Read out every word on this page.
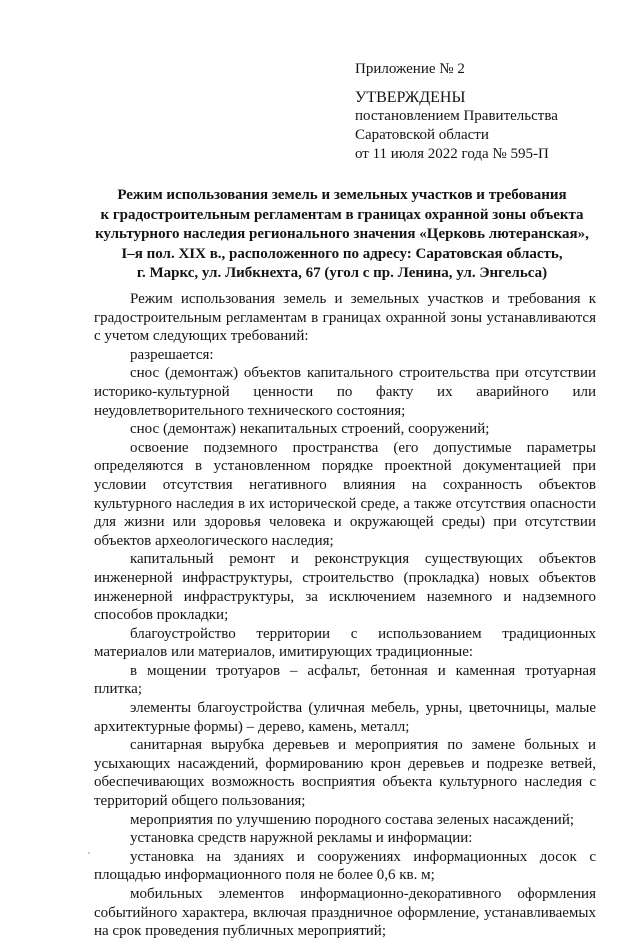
Приложение № 2
УТВЕРЖДЕНЫ
постановлением Правительства
Саратовской области
от 11 июля 2022 года № 595-П
Режим использования земель и земельных участков и требования
к градостроительным регламентам в границах охранной зоны объекта
культурного наследия регионального значения «Церковь лютеранская»,
I–я пол. XIX в., расположенного по адресу: Саратовская область,
г. Маркс, ул. Либкнехта, 67 (угол с пр. Ленина, ул. Энгельса)

Режим использования земель и земельных участков и требования к градостроительным регламентам в границах охранной зоны устанавливаются с учетом следующих требований:

разрешается:

снос (демонтаж) объектов капитального строительства при отсутствии историко-культурной ценности по факту их аварийного или неудовлетворительного технического состояния;

снос (демонтаж) некапитальных строений, сооружений;

освоение подземного пространства (его допустимые параметры определяются в установленном порядке проектной документацией при условии отсутствия негативного влияния на сохранность объектов культурного наследия в их исторической среде, а также отсутствия опасности для жизни или здоровья человека и окружающей среды) при отсутствии объектов археологического наследия;

капитальный ремонт и реконструкция существующих объектов инженерной инфраструктуры, строительство (прокладка) новых объектов инженерной инфраструктуры, за исключением наземного и надземного способов прокладки;

благоустройство территории с использованием традиционных материалов или материалов, имитирующих традиционные:

в мощении тротуаров – асфальт, бетонная и каменная тротуарная плитка;

элементы благоустройства (уличная мебель, урны, цветочницы, малые архитектурные формы) – дерево, камень, металл;

санитарная вырубка деревьев и мероприятия по замене больных и усыхающих насаждений, формированию крон деревьев и подрезке ветвей, обеспечивающих возможность восприятия объекта культурного наследия с территорий общего пользования;

мероприятия по улучшению породного состава зеленых насаждений;

установка средств наружной рекламы и информации:

установка на зданиях и сооружениях информационных досок с площадью информационного поля не более 0,6 кв. м;

мобильных элементов информационно-декоративного оформления событийного характера, включая праздничное оформление, устанавливаемых на срок проведения публичных мероприятий;
